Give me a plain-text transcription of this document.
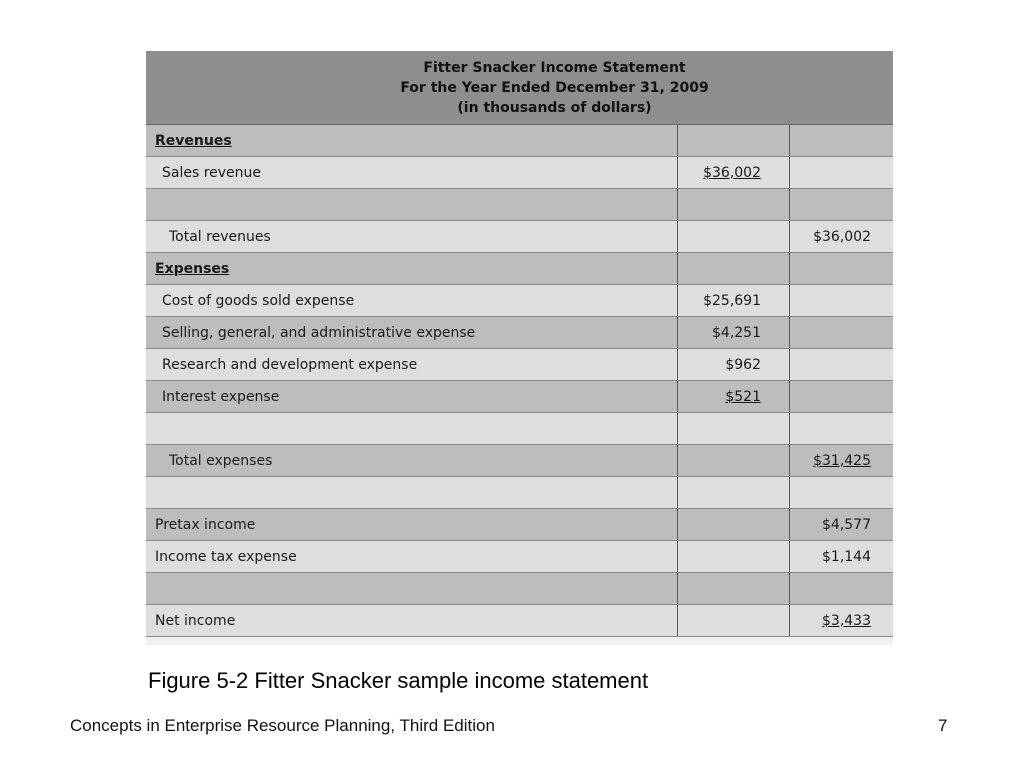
Fitter Snacker Income Statement
For the Year Ended December 31, 2009
(in thousands of dollars)
Revenues		
Sales revenue	$36,002	

Total revenues		$36,002
Expenses		
Cost of goods sold expense	$25,691	
Selling, general, and administrative expense	$4,251	
Research and development expense	$962	
Interest expense	$521	

Total expenses		$31,425

Pretax income		$4,577
Income tax expense		$1,144

Net income		$3,433
Figure 5-2 Fitter Snacker sample income statement
Concepts in Enterprise Resource Planning, Third Edition	7
